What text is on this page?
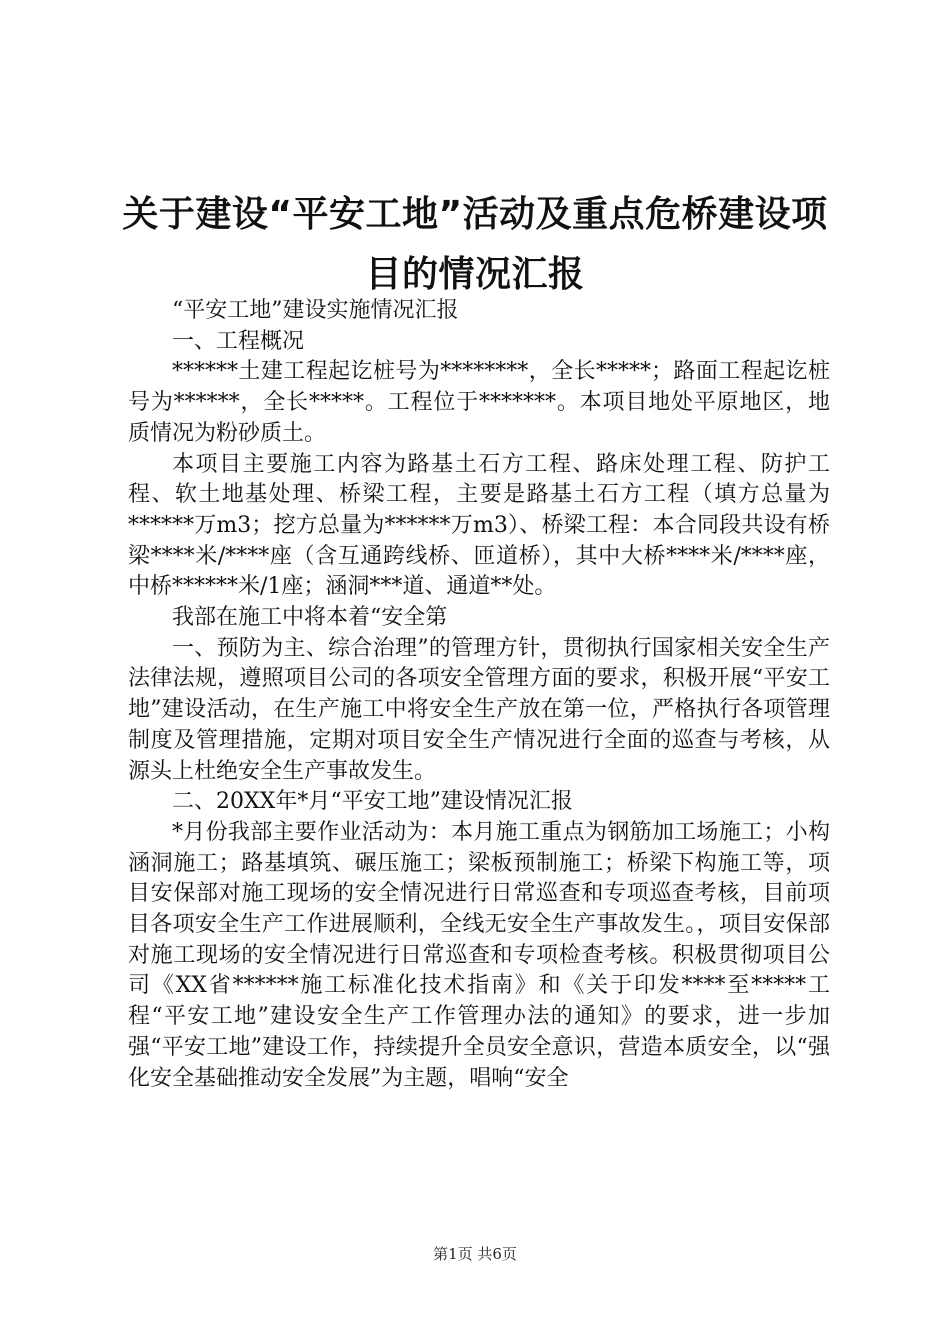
关于建设“平安工地”活动及重点危桥建设项目的情况汇报

“平安工地”建设实施情况汇报

一、工程概况

******土建工程起讫桩号为********，全长*****；路面工程起讫桩号为******，全长*****。工程位于*******。本项目地处平原地区，地质情况为粉砂质土。

本项目主要施工内容为路基土石方工程、路床处理工程、防护工程、软土地基处理、桥梁工程，主要是路基土石方工程（填方总量为******万m3；挖方总量为******万m3）、桥梁工程：本合同段共设有桥梁****米/****座（含互通跨线桥、匝道桥），其中大桥****米/****座，中桥******米/1座；涵洞***道、通道**处。

我部在施工中将本着“安全第

一、预防为主、综合治理”的管理方针，贯彻执行国家相关安全生产法律法规，遵照项目公司的各项安全管理方面的要求，积极开展“平安工地”建设活动，在生产施工中将安全生产放在第一位，严格执行各项管理制度及管理措施，定期对项目安全生产情况进行全面的巡查与考核，从源头上杜绝安全生产事故发生。

二、20XX年*月“平安工地”建设情况汇报

*月份我部主要作业活动为：本月施工重点为钢筋加工场施工；小构涵洞施工；路基填筑、碾压施工；梁板预制施工；桥梁下构施工等，项目安保部对施工现场的安全情况进行日常巡查和专项巡查考核，目前项目各项安全生产工作进展顺利，全线无安全生产事故发生。，项目安保部对施工现场的安全情况进行日常巡查和专项检查考核。积极贯彻项目公司《XX省******施工标准化技术指南》和《关于印发****至*****工程“平安工地”建设安全生产工作管理办法的通知》的要求，进一步加强“平安工地”建设工作，持续提升全员安全意识，营造本质安全，以“强化安全基础推动安全发展”为主题，唱响“安全

第1页 共6页
